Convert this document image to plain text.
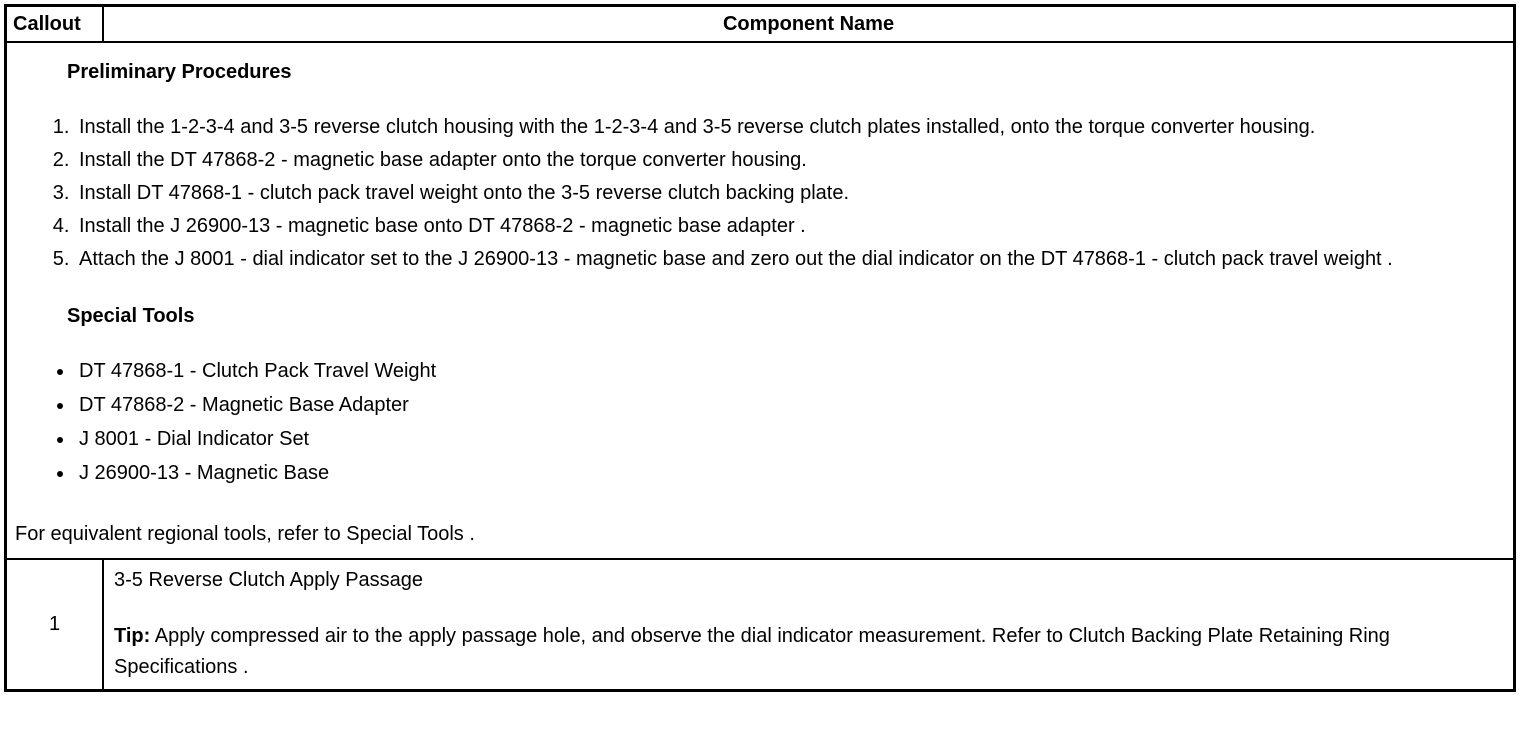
Callout	Component Name
Preliminary Procedures
1. Install the 1-2-3-4 and 3-5 reverse clutch housing with the 1-2-3-4 and 3-5 reverse clutch plates installed, onto the torque converter housing.
2. Install the DT 47868-2 - magnetic base adapter onto the torque converter housing.
3. Install DT 47868-1 - clutch pack travel weight onto the 3-5 reverse clutch backing plate.
4. Install the J 26900-13 - magnetic base onto DT 47868-2 - magnetic base adapter .
5. Attach the J 8001 - dial indicator set to the J 26900-13 - magnetic base and zero out the dial indicator on the DT 47868-1 - clutch pack travel weight .
Special Tools
• DT 47868-1 - Clutch Pack Travel Weight
• DT 47868-2 - Magnetic Base Adapter
• J 8001 - Dial Indicator Set
• J 26900-13 - Magnetic Base

For equivalent regional tools, refer to Special Tools .

1

3-5 Reverse Clutch Apply Passage

Tip: Apply compressed air to the apply passage hole, and observe the dial indicator measurement. Refer to Clutch Backing Plate Retaining Ring Specifications .
